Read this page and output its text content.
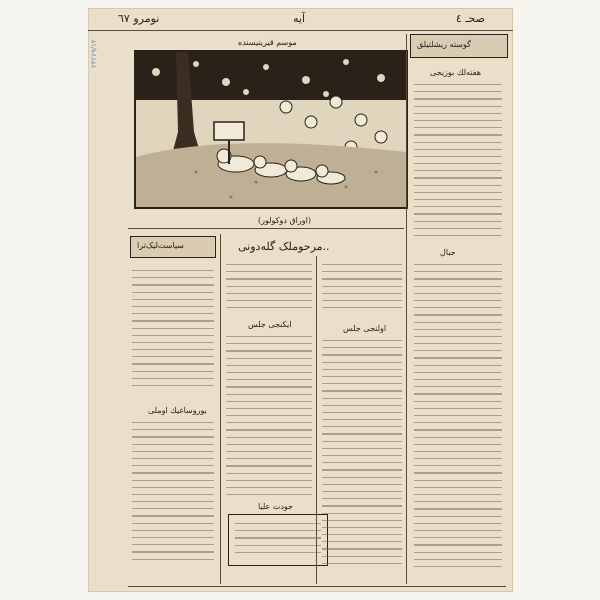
نومرو ٦٧	آيه	صحـ ٤
موسم قیریتیسنده
(اوراق دوکولور)
گوسته ریشلتیلق
هفته‌لك بوزیجی
حبال
مرحوملک گله‌دونی..
سیاست‌لیک‌ترا
بوروساغيك اوملی
ایکنجی جلس
جودت علیا
اولنجی جلس
۲۴۲۶۹/۱۲
